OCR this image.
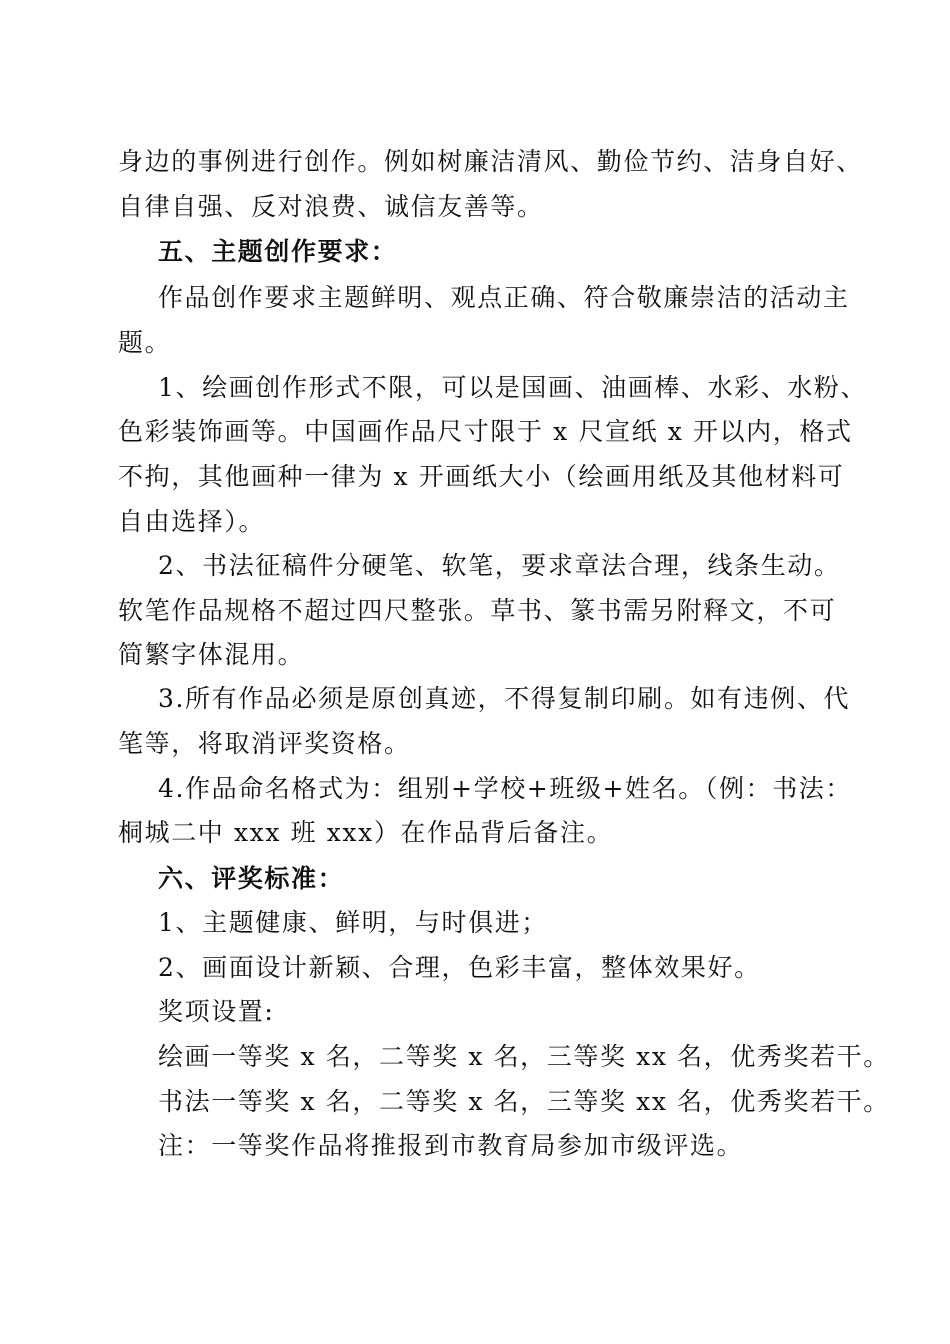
身边的事例进行创作。例如树廉洁清风、勤俭节约、洁身自好、
自律自强、反对浪费、诚信友善等。
五、主题创作要求：
作品创作要求主题鲜明、观点正确、符合敬廉崇洁的活动主
题。
1、绘画创作形式不限，可以是国画、油画棒、水彩、水粉、
色彩装饰画等。中国画作品尺寸限于 x 尺宣纸 x 开以内，格式
不拘，其他画种一律为 x 开画纸大小（绘画用纸及其他材料可
自由选择）。
2、书法征稿件分硬笔、软笔，要求章法合理，线条生动。
软笔作品规格不超过四尺整张。草书、篆书需另附释文，不可
简繁字体混用。
3.所有作品必须是原创真迹，不得复制印刷。如有违例、代
笔等，将取消评奖资格。
4.作品命名格式为：组别+学校+班级+姓名。（例：书法：
桐城二中 xxx 班 xxx）在作品背后备注。
六、评奖标准：
1、主题健康、鲜明，与时俱进；
2、画面设计新颖、合理，色彩丰富，整体效果好。
奖项设置:
绘画一等奖 x 名，二等奖 x 名，三等奖 xx 名，优秀奖若干。
书法一等奖 x 名，二等奖 x 名，三等奖 xx 名，优秀奖若干。
注：一等奖作品将推报到市教育局参加市级评选。
